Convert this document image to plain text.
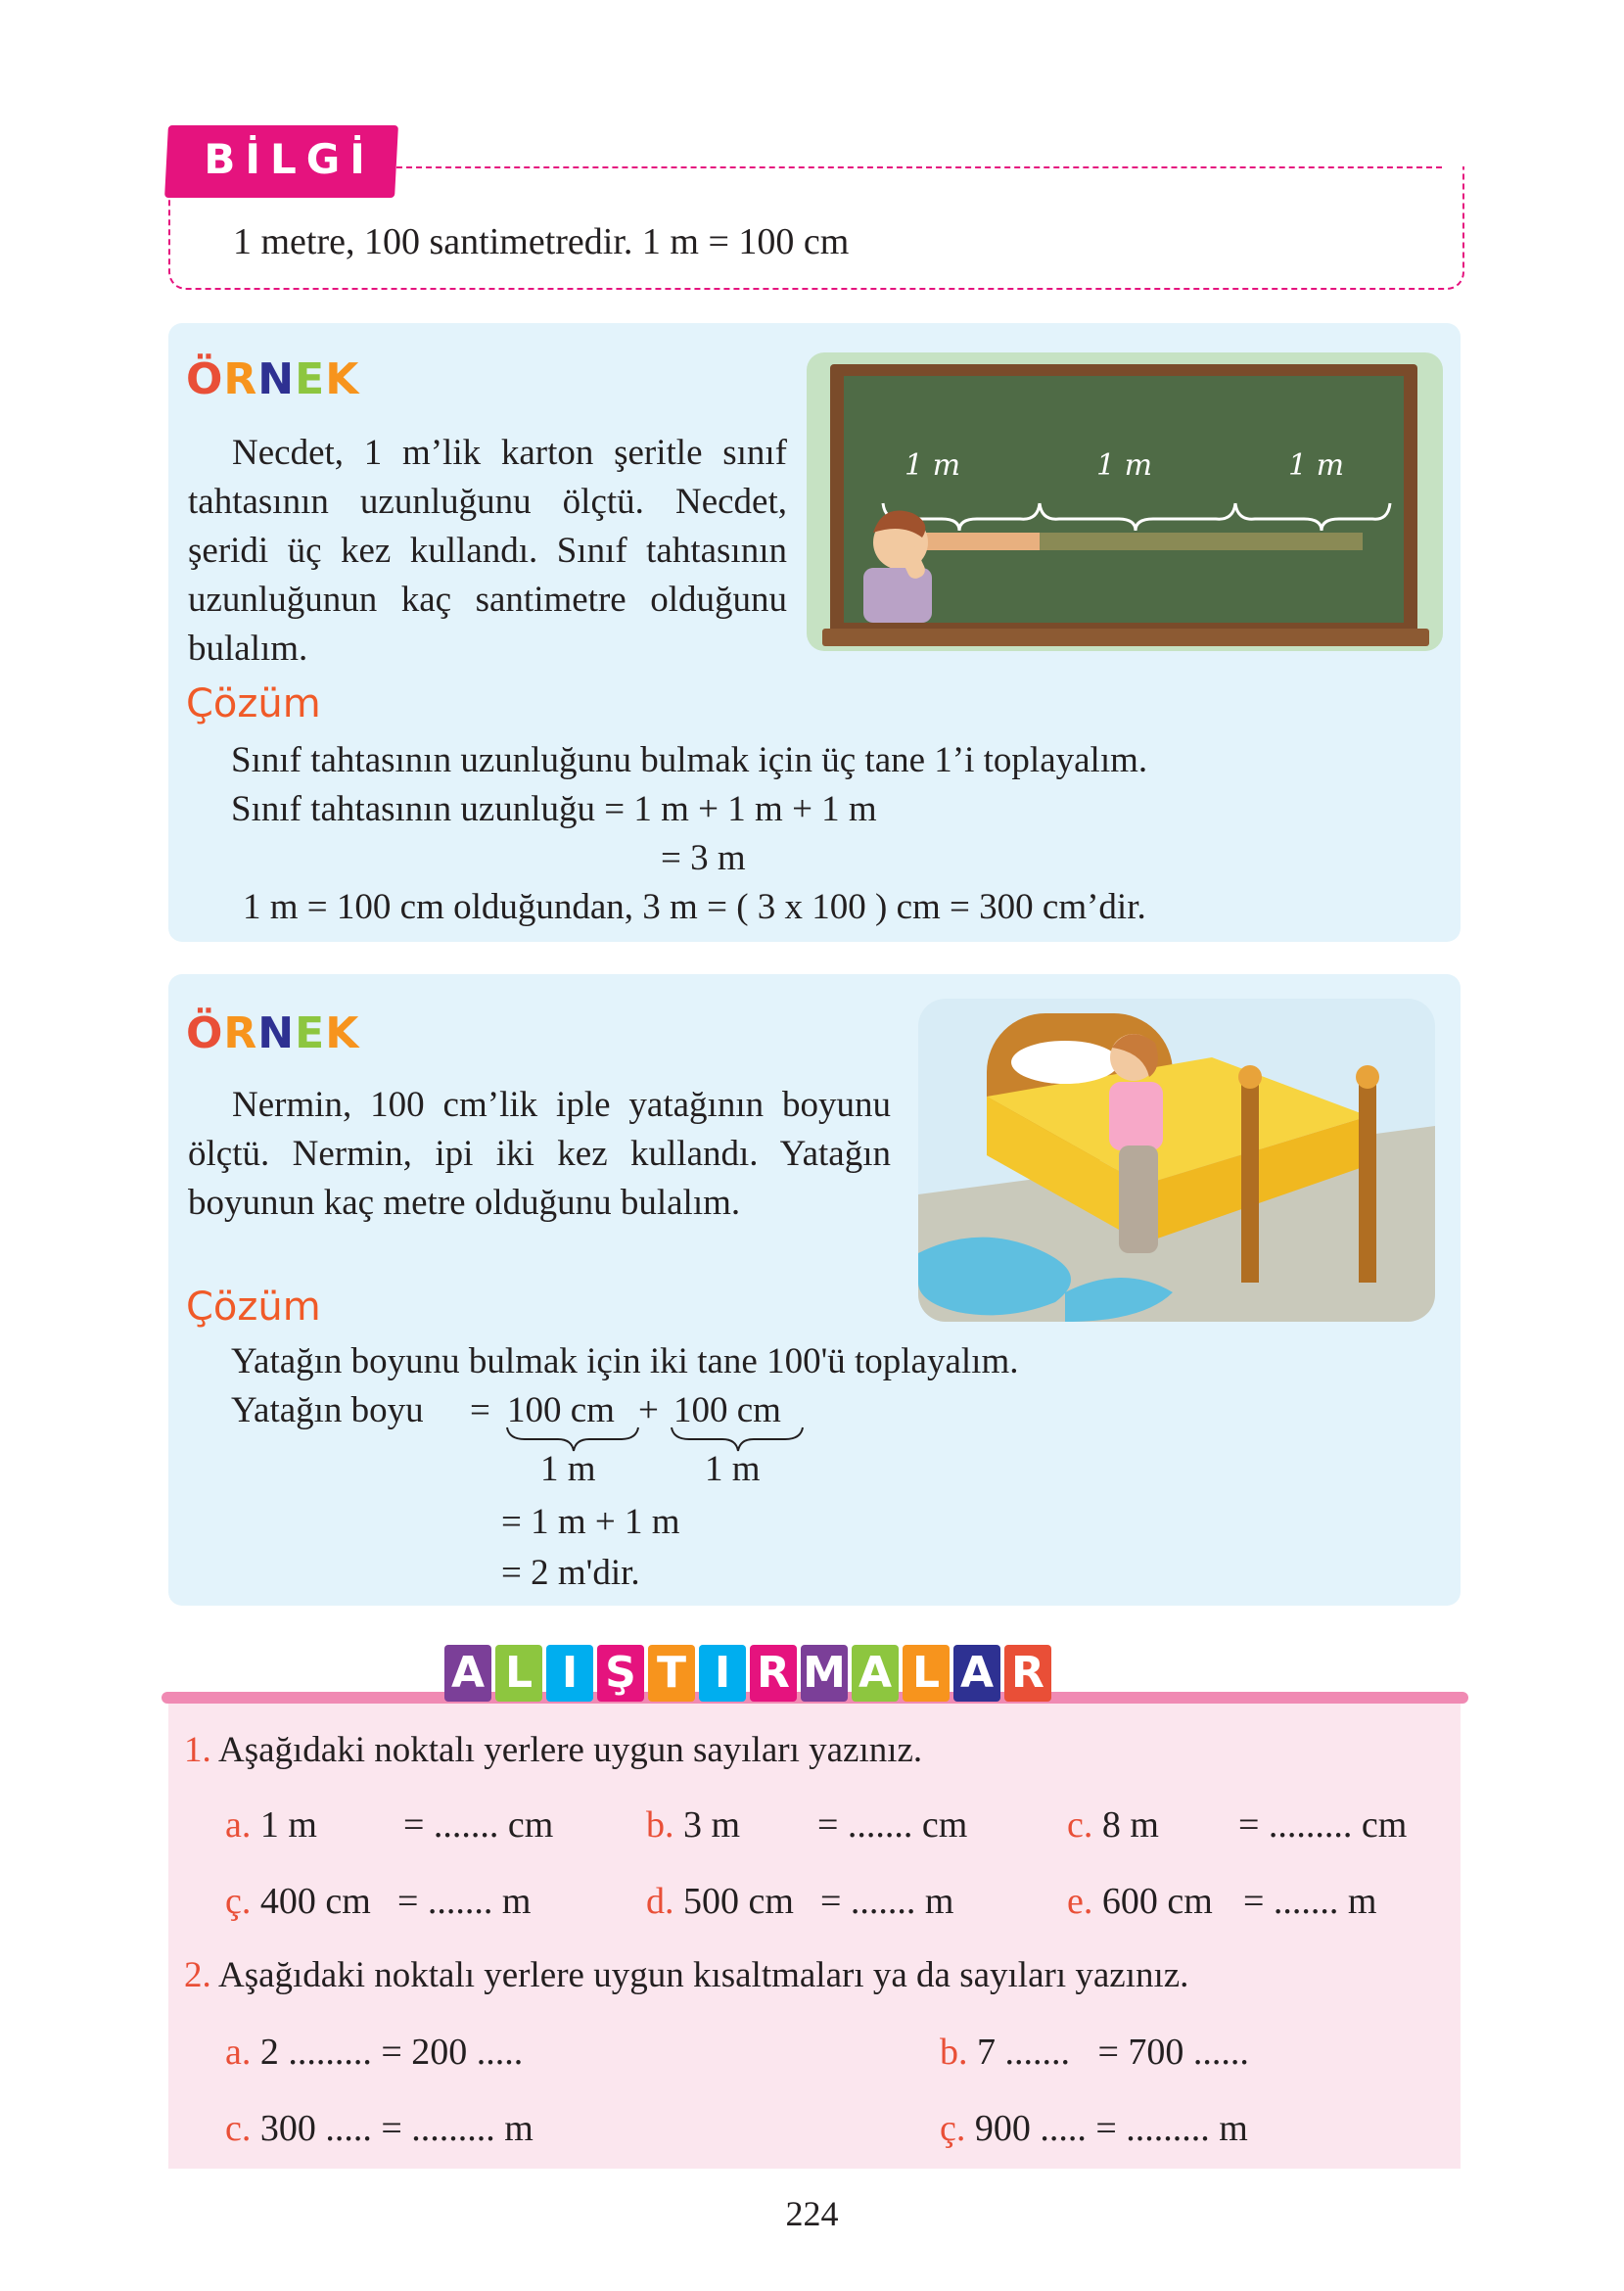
BİLGİ
1 metre, 100 santimetredir. 1 m = 100 cm
ÖRNEK
Necdet, 1 m’lik karton şeritle sınıf tahtasının uzunluğunu ölçtü. Necdet, şeridi üç kez kullandı. Sınıf tahtasının uzunluğunun kaç santimetre olduğunu bulalım.
1 m	1 m	1 m
Çözüm
Sınıf tahtasının uzunluğunu bulmak için üç tane 1’i toplayalım.
Sınıf tahtasının uzunluğu = 1 m + 1 m + 1 m
= 3 m
1 m = 100 cm olduğundan, 3 m = ( 3 x 100 ) cm = 300 cm’dir.
ÖRNEK
Nermin, 100 cm’lik iple yatağının boyunu ölçtü. Nermin, ipi iki kez kullandı. Yatağın boyunun kaç metre olduğunu bulalım.
Çözüm
Yatağın boyunu bulmak için iki tane 100'ü toplayalım.
Yatağın boyu = 100 cm + 100 cm
1 m	1 m
= 1 m + 1 m
= 2 m'dir.
A L I Ş T I R M A L A R
1. Aşağıdaki noktalı yerlere uygun sayıları yazınız.
a. 1 m = ....... cm b. 3 m = ....... cm	c. 8 m = ......... cm
ç. 400 cm = ....... m	d. 500 cm = ....... m	e. 600 cm = ....... m
2. Aşağıdaki noktalı yerlere uygun kısaltmaları ya da sayıları yazınız.
a. 2 ......... = 200 .....	b. 7 .......   = 700 ......
c. 300 ..... = ......... m	ç. 900 ..... = ......... m
224
